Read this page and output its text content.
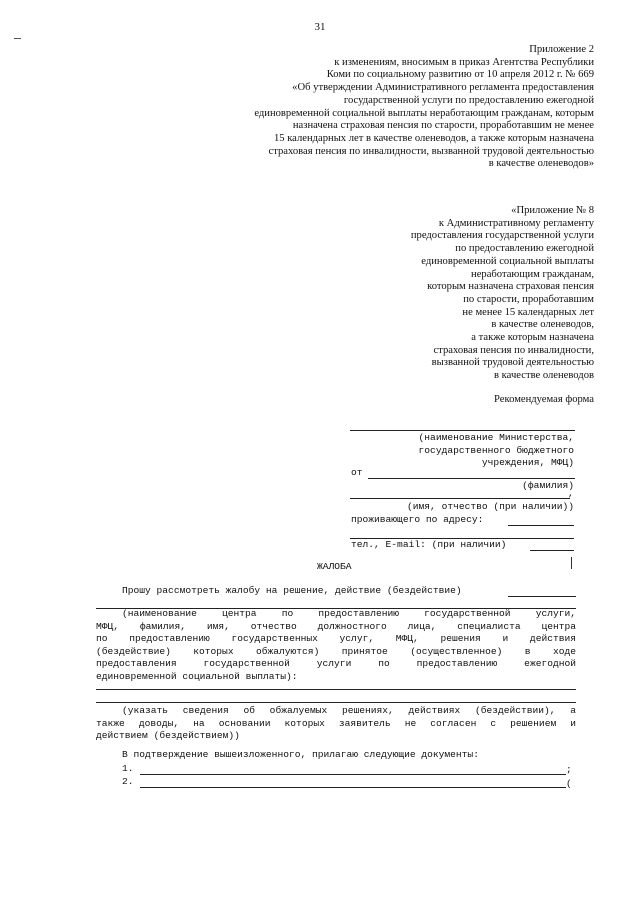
31
Приложение 2
к изменениям, вносимым в приказ Агентства Республики
Коми по социальному развитию от 10 апреля 2012 г. № 669
«Об утверждении Административного регламента предоставления
государственной услуги по предоставлению ежегодной
единовременной социальной выплаты неработающим гражданам, которым
назначена страховая пенсия по старости, проработавшим не менее
15 календарных лет в качестве оленеводов, а также которым назначена
страховая пенсия по инвалидности, вызванной трудовой деятельностью
в качестве оленеводов»
«Приложение № 8
к Административному регламенту
предоставления государственной услуги
по предоставлению ежегодной
единовременной социальной выплаты
неработающим гражданам,
которым назначена страховая пенсия
по старости, проработавшим
не менее 15 календарных лет
в качестве оленеводов,
а также которым назначена
страховая пенсия по инвалидности,
вызванной трудовой деятельностью
в качестве оленеводов
Рекомендуемая форма
(наименование Министерства,
государственного бюджетного
учреждения, МФЦ)
от
(фамилия)
,
(имя, отчество (при наличии))
проживающего по адресу:
тел., E-mail: (при наличии)
ЖАЛОБА
Прошу рассмотреть жалобу на решение, действие (бездействие)
(наименование центра по предоставлению государственной услуги,
МФЦ, фамилия, имя, отчество должностного лица, специалиста центра
по предоставлению государственных услуг, МФЦ, решения и действия
(бездействие) которых обжалуются) принятое (осуществленное) в ходе
предоставления государственной услуги по предоставлению ежегодной
единовременной социальной выплаты):
(указать сведения об обжалуемых решениях, действиях (бездействии), а
также доводы, на основании которых заявитель не согласен с решением и
действием (бездействием))
В подтверждение вышеизложенного, прилагаю следующие документы:
1.	;
2.	(
